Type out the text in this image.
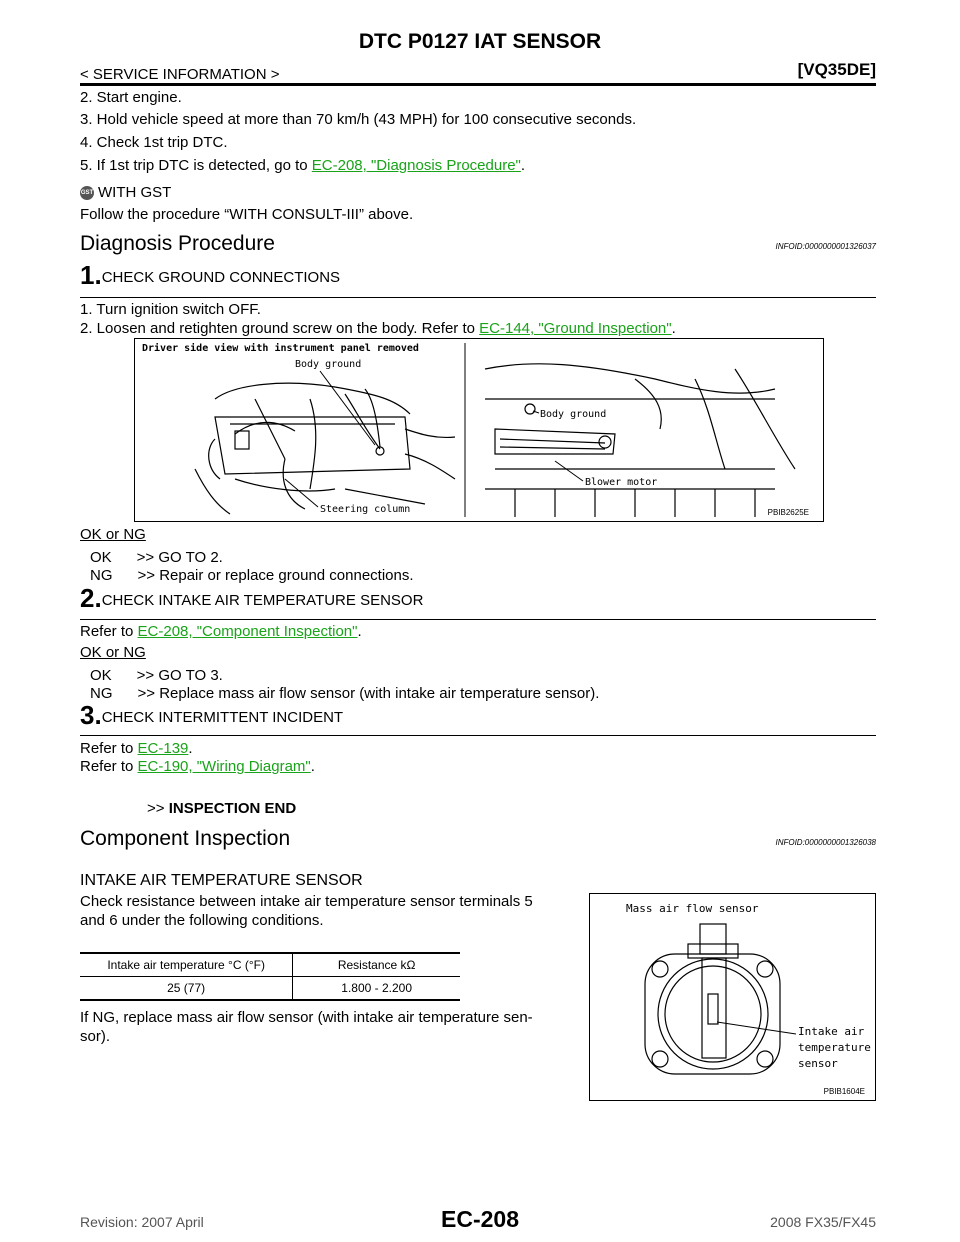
DTC P0127 IAT SENSOR
< SERVICE INFORMATION >	[VQ35DE]
2. Start engine.
3. Hold vehicle speed at more than 70 km/h (43 MPH) for 100 consecutive seconds.
4. Check 1st trip DTC.
5. If 1st trip DTC is detected, go to EC-208, "Diagnosis Procedure".
GST WITH GST
Follow the procedure “WITH CONSULT-III” above.
Diagnosis Procedure	INFOID:0000000001326037
1.CHECK GROUND CONNECTIONS
1. Turn ignition switch OFF.
2. Loosen and retighten ground screw on the body. Refer to EC-144, "Ground Inspection".
Driver side view with instrument panel removed
Body ground
Steering column
Body ground
Blower motor
PBIB2625E
OK or NG
OK      >> GO TO 2.
NG      >> Repair or replace ground connections.
2.CHECK INTAKE AIR TEMPERATURE SENSOR
Refer to EC-208, "Component Inspection".
OK or NG
OK      >> GO TO 3.
NG      >> Replace mass air flow sensor (with intake air temperature sensor).
3.CHECK INTERMITTENT INCIDENT
Refer to EC-139.
Refer to EC-190, "Wiring Diagram".
>> INSPECTION END
Component Inspection	INFOID:0000000001326038
INTAKE AIR TEMPERATURE SENSOR
Check resistance between intake air temperature sensor terminals 5
and 6 under the following conditions.
Intake air temperature °C (°F)	Resistance kΩ
25 (77)	1.800 - 2.200
If NG, replace mass air flow sensor (with intake air temperature sen-
sor).
Mass air flow sensor
Intake air
temperature
sensor
PBIB1604E
Revision: 2007 April	EC-208	2008 FX35/FX45
